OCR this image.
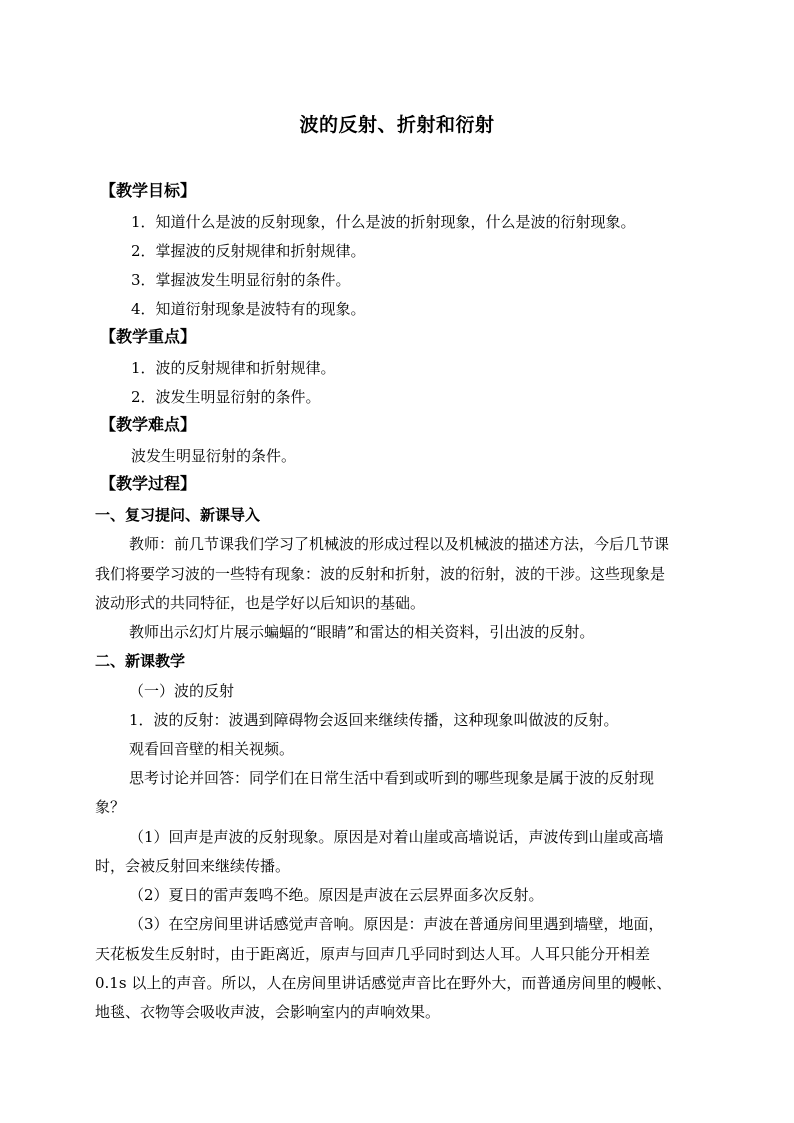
波的反射、折射和衍射
【教学目标】
1．知道什么是波的反射现象，什么是波的折射现象，什么是波的衍射现象。
2．掌握波的反射规律和折射规律。
3．掌握波发生明显衍射的条件。
4．知道衍射现象是波特有的现象。
【教学重点】
1．波的反射规律和折射规律。
2．波发生明显衍射的条件。
【教学难点】
波发生明显衍射的条件。
【教学过程】
一、复习提问、新课导入
教师：前几节课我们学习了机械波的形成过程以及机械波的描述方法，今后几节课
我们将要学习波的一些特有现象：波的反射和折射，波的衍射，波的干涉。这些现象是
波动形式的共同特征，也是学好以后知识的基础。
教师出示幻灯片展示蝙蝠的“眼睛”和雷达的相关资料，引出波的反射。
二、新课教学
（一）波的反射
1．波的反射：波遇到障碍物会返回来继续传播，这种现象叫做波的反射。
观看回音壁的相关视频。
思考讨论并回答：同学们在日常生活中看到或听到的哪些现象是属于波的反射现
象？
（1）回声是声波的反射现象。原因是对着山崖或高墙说话，声波传到山崖或高墙
时，会被反射回来继续传播。
（2）夏日的雷声轰鸣不绝。原因是声波在云层界面多次反射。
（3）在空房间里讲话感觉声音响。原因是：声波在普通房间里遇到墙壁，地面，
天花板发生反射时，由于距离近，原声与回声几乎同时到达人耳。人耳只能分开相差
0.1s 以上的声音。所以，人在房间里讲话感觉声音比在野外大，而普通房间里的幔帐、
地毯、衣物等会吸收声波，会影响室内的声响效果。
